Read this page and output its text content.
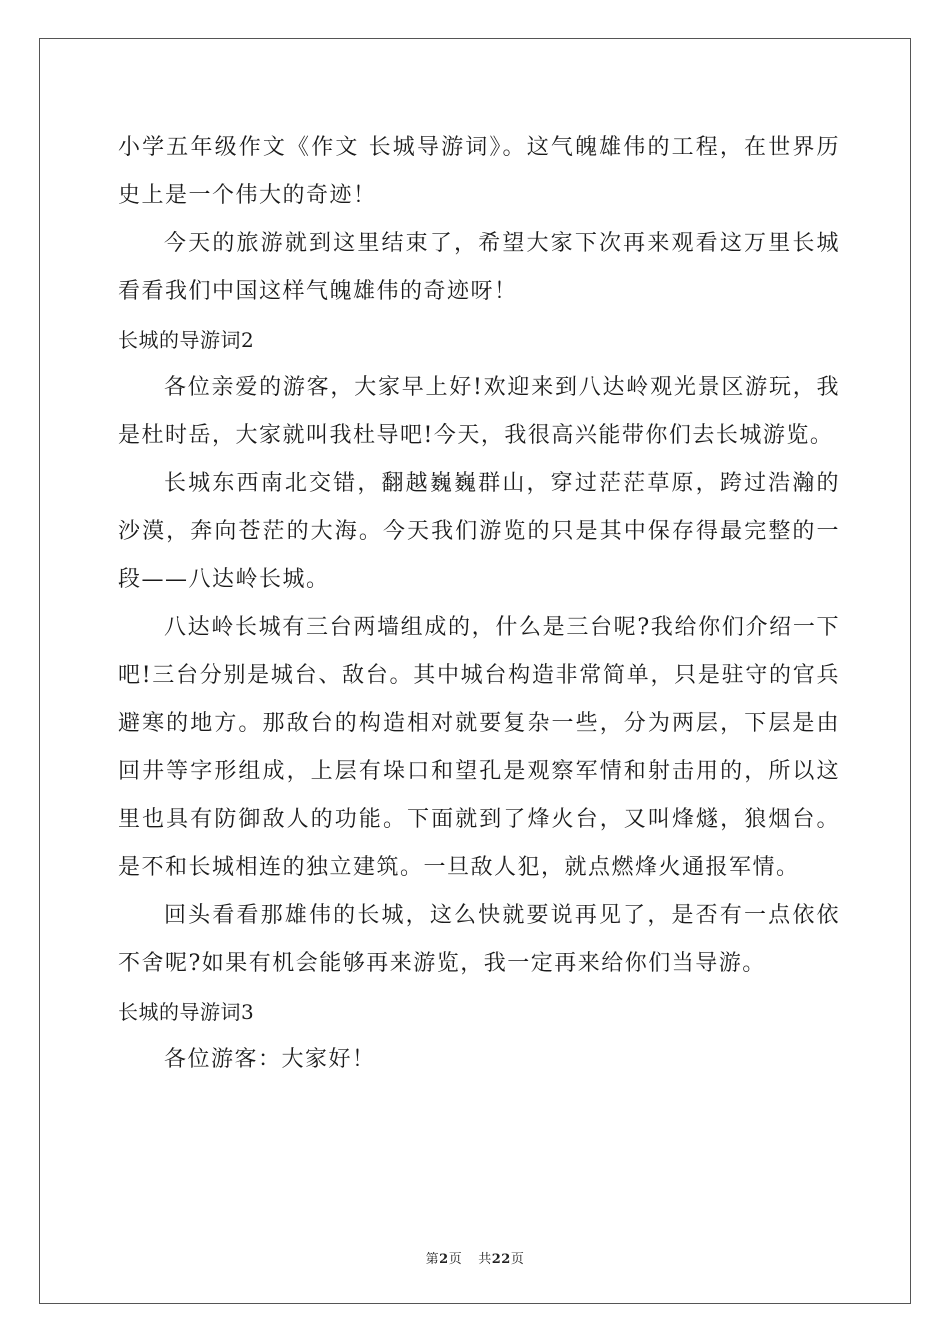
小学五年级作文《作文 长城导游词》。这气魄雄伟的工程，在世界历史上是一个伟大的奇迹！

今天的旅游就到这里结束了，希望大家下次再来观看这万里长城看看我们中国这样气魄雄伟的奇迹呀！

长城的导游词2

各位亲爱的游客，大家早上好!欢迎来到八达岭观光景区游玩，我是杜时岳，大家就叫我杜导吧!今天，我很高兴能带你们去长城游览。

长城东西南北交错，翻越巍巍群山，穿过茫茫草原，跨过浩瀚的沙漠，奔向苍茫的大海。今天我们游览的只是其中保存得最完整的一段——八达岭长城。

八达岭长城有三台两墙组成的，什么是三台呢?我给你们介绍一下吧!三台分别是城台、敌台。其中城台构造非常简单，只是驻守的官兵避寒的地方。那敌台的构造相对就要复杂一些，分为两层，下层是由回井等字形组成，上层有垛口和望孔是观察军情和射击用的，所以这里也具有防御敌人的功能。下面就到了烽火台，又叫烽燧，狼烟台。是不和长城相连的独立建筑。一旦敌人犯，就点燃烽火通报军情。

回头看看那雄伟的长城，这么快就要说再见了，是否有一点依依不舍呢?如果有机会能够再来游览，我一定再来给你们当导游。

长城的导游词3

各位游客：大家好！

第2页 共22页
